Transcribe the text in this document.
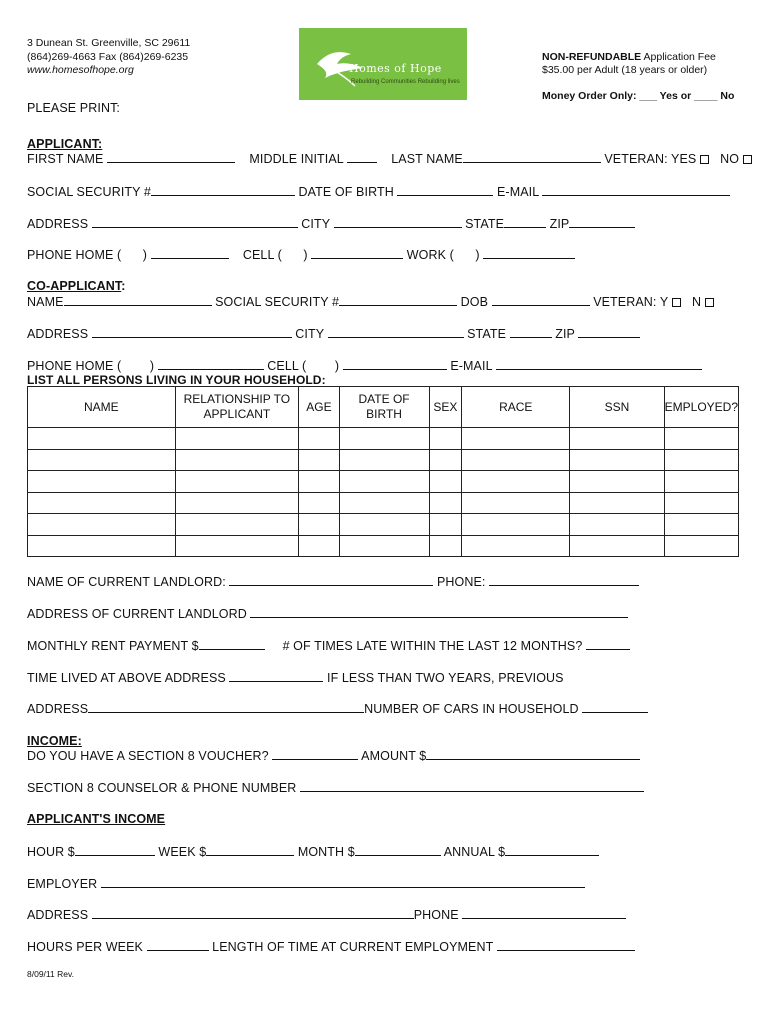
3 Dunean St. Greenville, SC 29611
(864)269-4663 Fax (864)269-6235
www.homesofhope.org	Homes of Hope
Rebuilding Communities Rebuilding lives
NON-REFUNDABLE Application Fee
$35.00 per Adult (18 years or older)
Money Order Only: ___ Yes or ____ No
PLEASE PRINT:
APPLICANT:
FIRST NAME	MIDDLE INITIAL	LAST NAME	VETERAN: YES NO
SOCIAL SECURITY #	DATE OF BIRTH	E-MAIL
ADDRESS	CITY	STATE	ZIP
PHONE HOME ( )	CELL ( )	WORK ( )
CO-APPLICANT:
NAME	SOCIAL SECURITY #	DOB	VETERAN: Y N
ADDRESS	CITY	STATE	ZIP
PHONE HOME ( )	CELL ( )	E-MAIL
LIST ALL PERSONS LIVING IN YOUR HOUSEHOLD:
NAME	RELATIONSHIP TO APPLICANT	AGE	DATE OF BIRTH	SEX	RACE	SSN	EMPLOYED?

NAME OF CURRENT LANDLORD:	PHONE:
ADDRESS OF CURRENT LANDLORD
MONTHLY RENT PAYMENT $	# OF TIMES LATE WITHIN THE LAST 12 MONTHS?
TIME LIVED AT ABOVE ADDRESS	IF LESS THAN TWO YEARS, PREVIOUS
ADDRESS	NUMBER OF CARS IN HOUSEHOLD
INCOME:
DO YOU HAVE A SECTION 8 VOUCHER?	AMOUNT $
SECTION 8 COUNSELOR & PHONE NUMBER
APPLICANT'S INCOME
HOUR $	WEEK $	MONTH $	ANNUAL $
EMPLOYER
ADDRESS	PHONE
HOURS PER WEEK	LENGTH OF TIME AT CURRENT EMPLOYMENT
8/09/11 Rev.
